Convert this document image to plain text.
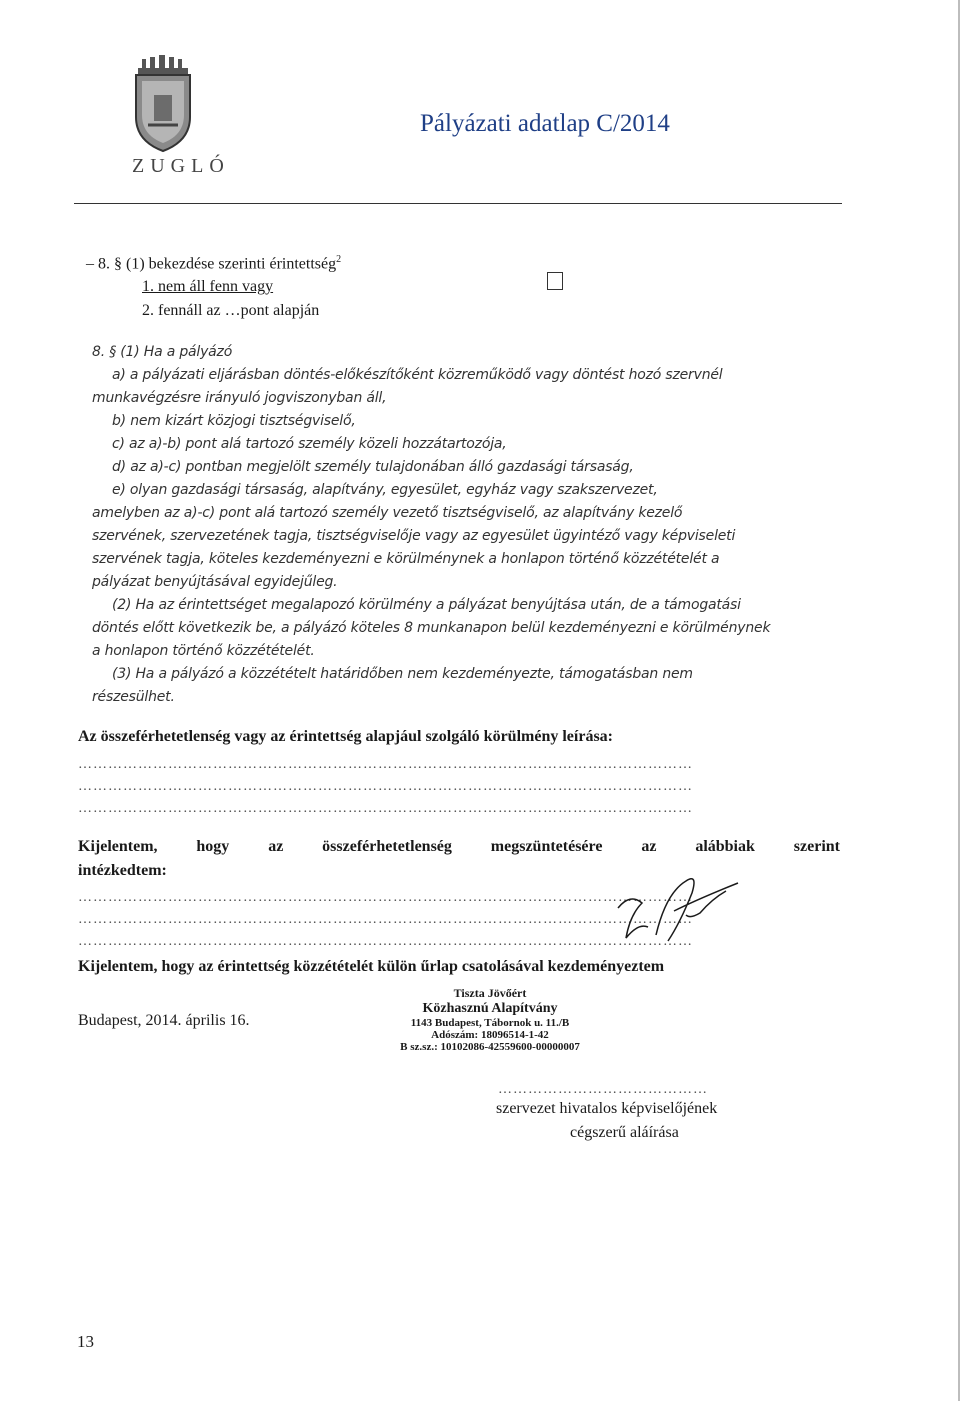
ZUGLÓ
Pályázati adatlap C/2014
– 8. § (1) bekezdése szerinti érintettség$^2$
1. nem áll fenn vagy
2. fennáll az …pont alapján
8. § (1) Ha a pályázó
a) a pályázati eljárásban döntés-előkészítőként közreműködő vagy döntést hozó szervnél
munkavégzésre irányuló jogviszonyban áll,
b) nem kizárt közjogi tisztségviselő,
c) az a)-b) pont alá tartozó személy közeli hozzátartozója,
d) az a)-c) pontban megjelölt személy tulajdonában álló gazdasági társaság,
e) olyan gazdasági társaság, alapítvány, egyesület, egyház vagy szakszervezet,
amelyben az a)-c) pont alá tartozó személy vezető tisztségviselő, az alapítvány kezelő
szervének, szervezetének tagja, tisztségviselője vagy az egyesület ügyintéző vagy képviseleti
szervének tagja, köteles kezdeményezni e körülménynek a honlapon történő közzétételét a
pályázat benyújtásával egyidejűleg.
(2) Ha az érintettséget megalapozó körülmény a pályázat benyújtása után, de a támogatási
döntés előtt következik be, a pályázó köteles 8 munkanapon belül kezdeményezni e körülménynek
a honlapon történő közzétételét.
(3) Ha a pályázó a közzétételt határidőben nem kezdeményezte, támogatásban nem
részesülhet.
Az összeférhetetlenség vagy az érintettség alapjául szolgáló körülmény leírása:
……………………………………………………………………………………………………………
……………………………………………………………………………………………………………
……………………………………………………………………………………………………………
Kijelentem, hogy az összeférhetetlenség megszüntetésére az alábbiak szerint
intézkedtem:
……………………………………………………………………………………………………………
……………………………………………………………………………………………………………
……………………………………………………………………………………………………………
Kijelentem, hogy az érintettség közzétételét külön űrlap csatolásával kezdeményeztem
Budapest, 2014. április 16.
Tiszta Jövőért
Közhasznú Alapítvány
1143 Budapest, Tábornok u. 11./B
Adószám: 18096514-1-42
B sz.sz.: 10102086-42559600-00000007
……………………………………
szervezet hivatalos képviselőjének
cégszerű aláírása
13
